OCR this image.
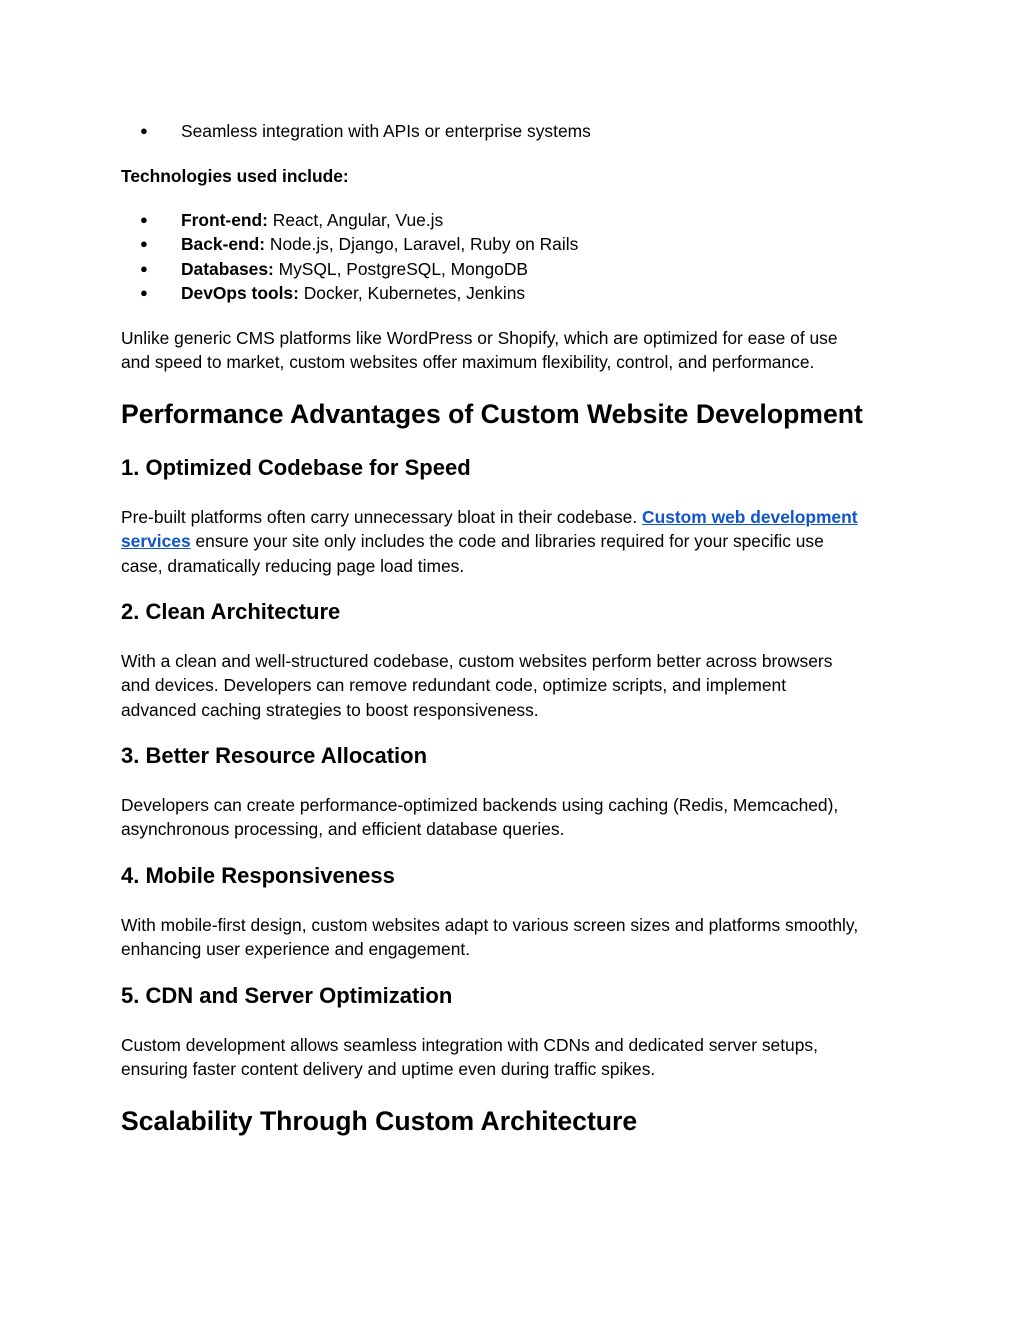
● Seamless integration with APIs or enterprise systems

Technologies used include:

● Front-end: React, Angular, Vue.js
● Back-end: Node.js, Django, Laravel, Ruby on Rails
● Databases: MySQL, PostgreSQL, MongoDB
● DevOps tools: Docker, Kubernetes, Jenkins

Unlike generic CMS platforms like WordPress or Shopify, which are optimized for ease of use

and speed to market, custom websites offer maximum flexibility, control, and performance.

Performance Advantages of Custom Website Development
1. Optimized Codebase for Speed

Pre-built platforms often carry unnecessary bloat in their codebase. Custom web development

services ensure your site only includes the code and libraries required for your specific use

case, dramatically reducing page load times.

2. Clean Architecture

With a clean and well-structured codebase, custom websites perform better across browsers

and devices. Developers can remove redundant code, optimize scripts, and implement

advanced caching strategies to boost responsiveness.

3. Better Resource Allocation

Developers can create performance-optimized backends using caching (Redis, Memcached),

asynchronous processing, and efficient database queries.

4. Mobile Responsiveness

With mobile-first design, custom websites adapt to various screen sizes and platforms smoothly,

enhancing user experience and engagement.

5. CDN and Server Optimization

Custom development allows seamless integration with CDNs and dedicated server setups,

ensuring faster content delivery and uptime even during traffic spikes.

Scalability Through Custom Architecture
